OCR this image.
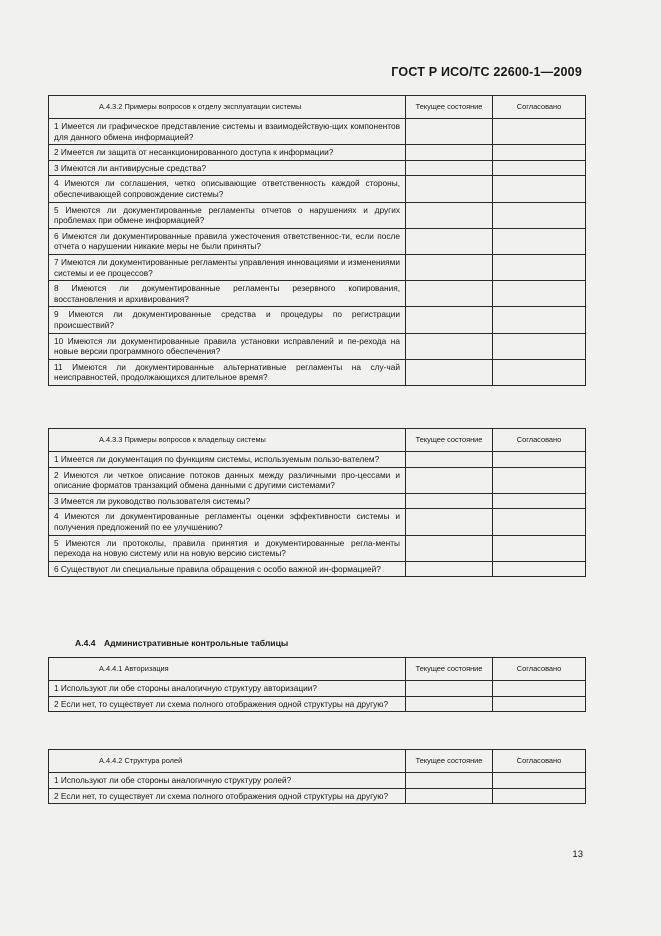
ГОСТ Р ИСО/ТС 22600-1—2009
А.4.3.2 Примеры вопросов к отделу эксплуатации системы	Текущее состояние	Согласовано
1 Имеется ли графическое представление системы и взаимодействую-щих компонентов для данного обмена информацией?		
2 Имеется ли защита от несанкционированного доступа к информации?		
3 Имеются ли антивирусные средства?		
4 Имеются ли соглашения, четко описывающие ответственность каждой стороны, обеспечивающей сопровождение системы?		
5 Имеются ли документированные регламенты отчетов о нарушениях и других проблемах при обмене информацией?		
6 Имеются ли документированные правила ужесточения ответственнос-ти, если после отчета о нарушении никакие меры не были приняты?		
7 Имеются ли документированные регламенты управления инновациями и изменениями системы и ее процессов?		
8 Имеются ли документированные регламенты резервного копирования, восстановления и архивирования?		
9 Имеются ли документированные средства и процедуры по регистрации происшествий?		
10 Имеются ли документированные правила установки исправлений и пе-рехода на новые версии программного обеспечения?		
11 Имеются ли документированные альтернативные регламенты на слу-чай неисправностей, продолжающихся длительное время?		
А.4.3.3 Примеры вопросов к владельцу системы	Текущее состояние	Согласовано
1 Имеется ли документация по функциям системы, используемым пользо-вателем?		
2 Имеются ли четкое описание потоков данных между различными про-цессами и описание форматов транзакций обмена данными с другими системами?		
3 Имеется ли руководство пользователя системы?		
4 Имеются ли документированные регламенты оценки эффективности системы и получения предложений по ее улучшению?		
5 Имеются ли протоколы, правила принятия и документированные регла-менты перехода на новую систему или на новую версию системы?		
6 Существуют ли специальные правила обращения с особо важной ин-формацией?		
А.4.4 Административные контрольные таблицы
А.4.4.1 Авторизация	Текущее состояние	Согласовано
1 Используют ли обе стороны аналогичную структуру авторизации?		
2 Если нет, то существует ли схема полного отображения одной структуры на другую?		
А.4.4.2 Структура ролей	Текущее состояние	Согласовано
1 Используют ли обе стороны аналогичную структуру ролей?		
2 Если нет, то существует ли схема полного отображения одной структуры на другую?		
13
